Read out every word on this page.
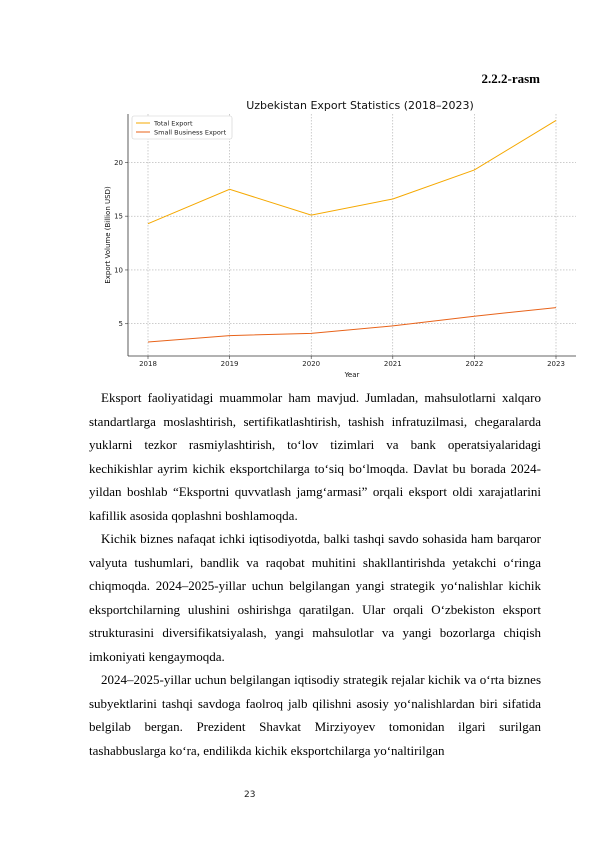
2.2.2-rasm
Uzbekistan Export Statistics (2018–2023)
Year
Export Volume (Billion USD)
5
10
15
20
2018	2019	2020	2021	2022	2023
Total Export
Small Business Export

Eksport faoliyatidagi muammolar ham mavjud. Jumladan, mahsulotlarni xalqaro standartlarga moslashtirish, sertifikatlashtirish, tashish infratuzilmasi, chegaralarda yuklarni tezkor rasmiylashtirish, to‘lov tizimlari va bank operatsiyalaridagi kechikishlar ayrim kichik eksportchilarga to‘siq bo‘lmoqda. Davlat bu borada 2024-yildan boshlab “Eksportni quvvatlash jamg‘armasi” orqali eksport oldi xarajatlarini kafillik asosida qoplashni boshlamoqda.

Kichik biznes nafaqat ichki iqtisodiyotda, balki tashqi savdo sohasida ham barqaror valyuta tushumlari, bandlik va raqobat muhitini shakllantirishda yetakchi o‘ringa chiqmoqda. 2024–2025-yillar uchun belgilangan yangi strategik yo‘nalishlar kichik eksportchilarning ulushini oshirishga qaratilgan. Ular orqali O‘zbekiston eksport strukturasini diversifikatsiyalash, yangi mahsulotlar va yangi bozorlarga chiqish imkoniyati kengaymoqda.

2024–2025-yillar uchun belgilangan iqtisodiy strategik rejalar kichik va o‘rta biznes subyektlarini tashqi savdoga faolroq jalb qilishni asosiy yo‘nalishlardan biri sifatida belgilab bergan. Prezident Shavkat Mirziyoyev tomonidan ilgari surilgan tashabbuslarga ko‘ra, endilikda kichik eksportchilarga yo‘naltirilgan

23
